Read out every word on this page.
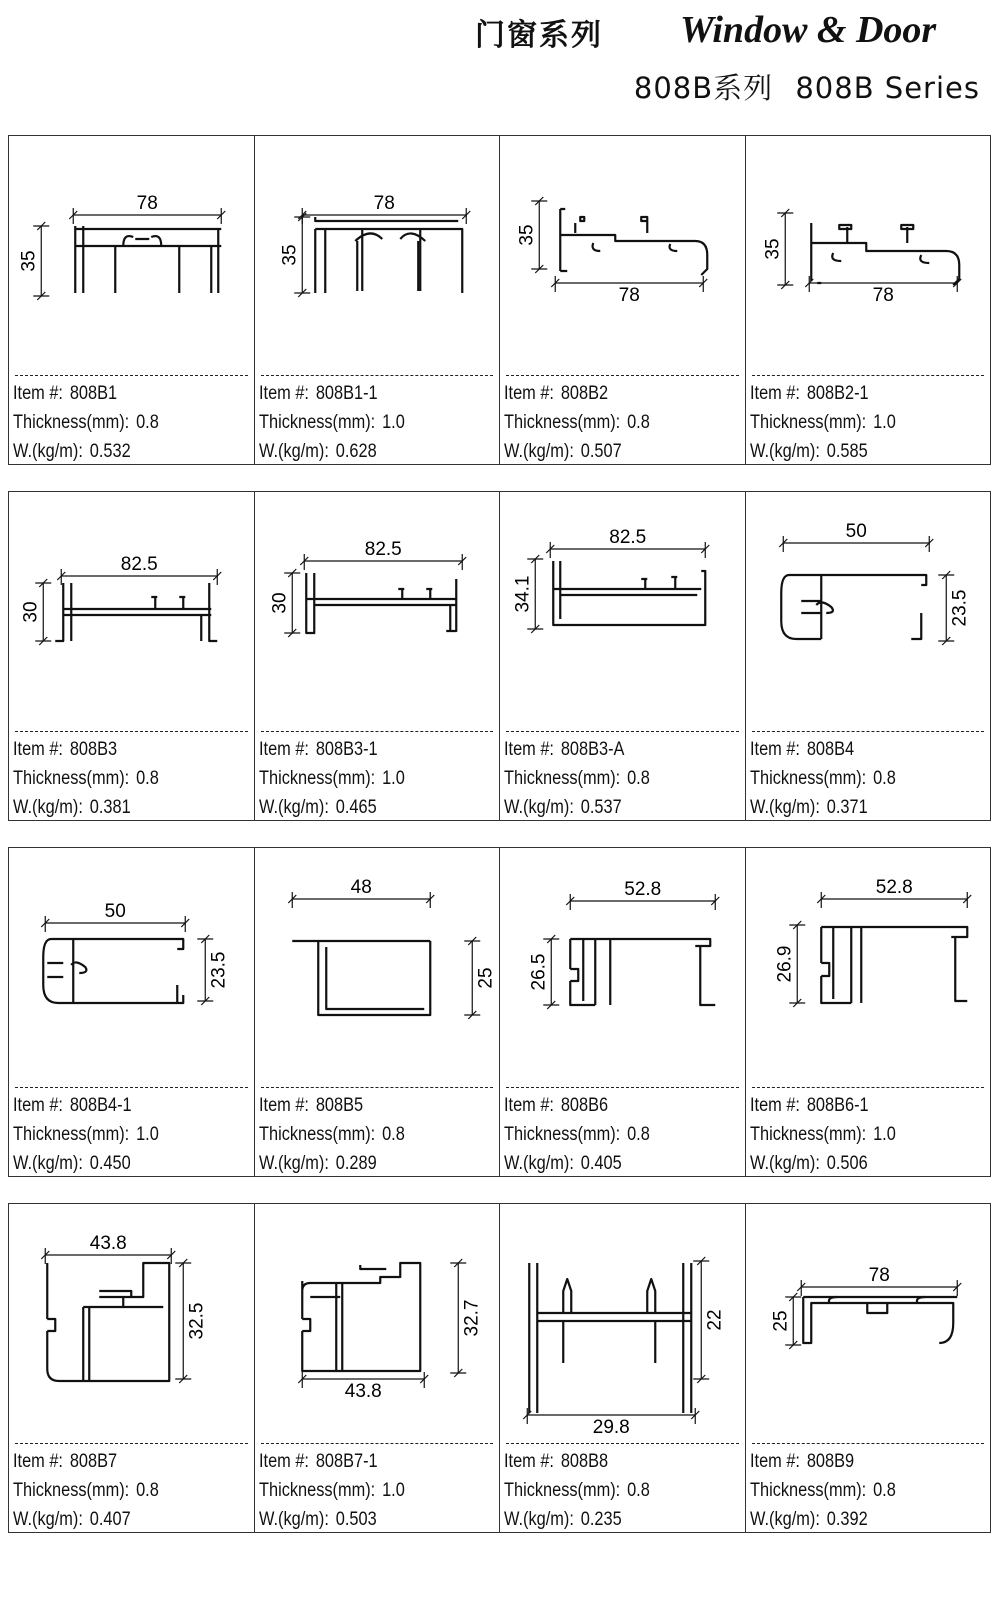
门窗系列 Window & Door
808B系列 808B Series
78
35
Item #: 808B1
Thickness(mm): 0.8
W.(kg/m): 0.532
78
35
Item #: 808B1-1
Thickness(mm): 1.0
W.(kg/m): 0.628
35
78
Item #: 808B2
Thickness(mm): 0.8
W.(kg/m): 0.507
35
78
Item #: 808B2-1
Thickness(mm): 1.0
W.(kg/m): 0.585
82.5
30
Item #: 808B3
Thickness(mm): 0.8
W.(kg/m): 0.381
82.5
30
Item #: 808B3-1
Thickness(mm): 1.0
W.(kg/m): 0.465
82.5
34.1
Item #: 808B3-A
Thickness(mm): 0.8
W.(kg/m): 0.537
50
23.5
Item #: 808B4
Thickness(mm): 0.8
W.(kg/m): 0.371
50
23.5
Item #: 808B4-1
Thickness(mm): 1.0
W.(kg/m): 0.450
48
25
Item #: 808B5
Thickness(mm): 0.8
W.(kg/m): 0.289
52.8
26.5
Item #: 808B6
Thickness(mm): 0.8
W.(kg/m): 0.405
52.8
26.9
Item #: 808B6-1
Thickness(mm): 1.0
W.(kg/m): 0.506
43.8
32.5
Item #: 808B7
Thickness(mm): 0.8
W.(kg/m): 0.407
43.8
32.7
Item #: 808B7-1
Thickness(mm): 1.0
W.(kg/m): 0.503
29.8
22
Item #: 808B8
Thickness(mm): 0.8
W.(kg/m): 0.235
78
25
Item #: 808B9
Thickness(mm): 0.8
W.(kg/m): 0.392
